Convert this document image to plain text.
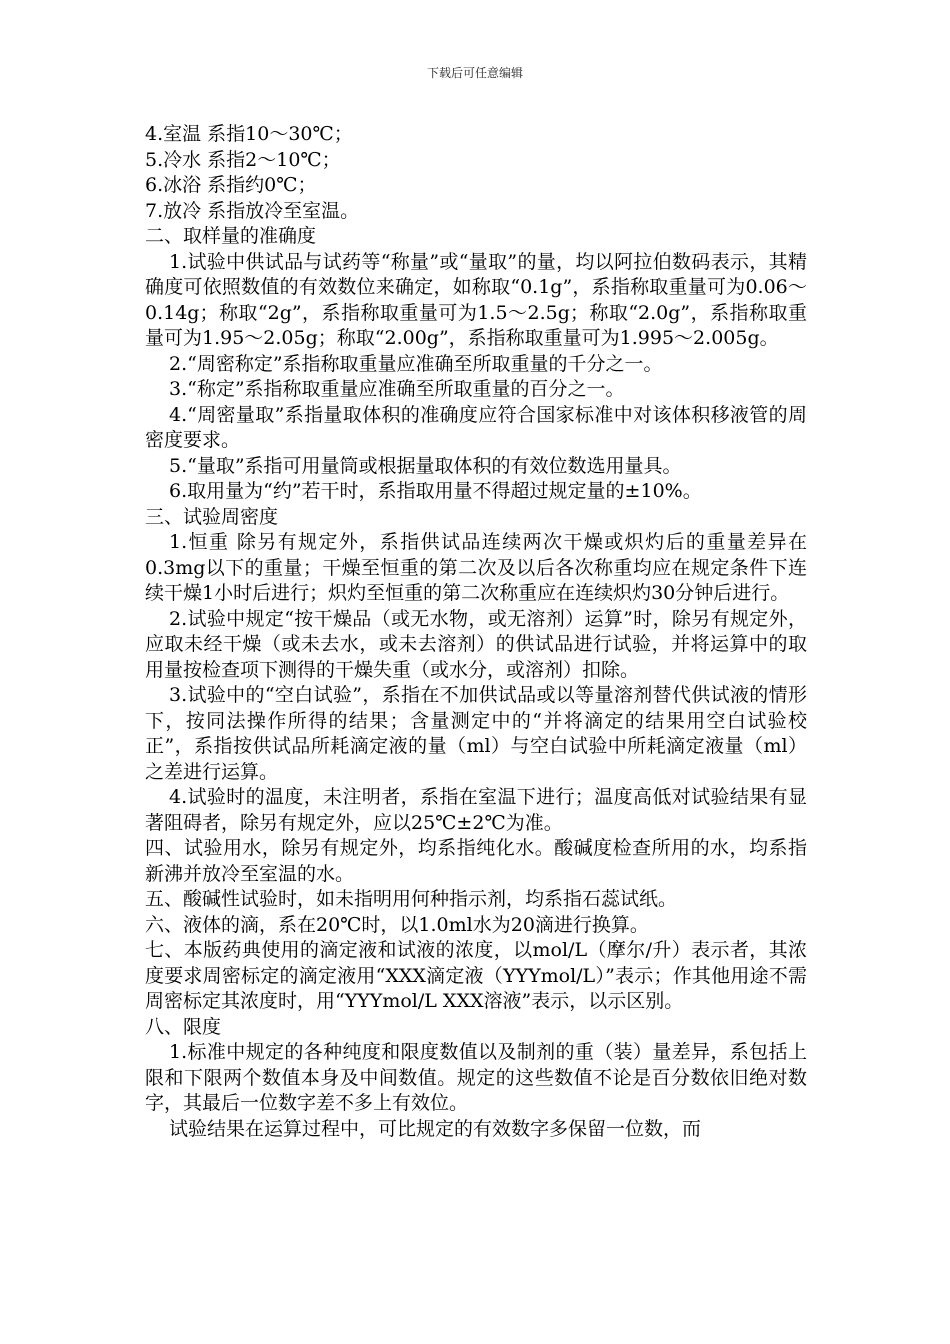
下载后可任意编辑

4.室温 系指10～30℃；

5.冷水 系指2～10℃；

6.冰浴 系指约0℃；

7.放冷 系指放冷至室温。

二、取样量的准确度

1.试验中供试品与试药等“称量”或“量取”的量，均以阿拉伯数码表示，其精确度可依照数值的有效数位来确定，如称取“0.1g”，系指称取重量可为0.06～0.14g；称取“2g”，系指称取重量可为1.5～2.5g；称取“2.0g”，系指称取重量可为1.95～2.05g；称取“2.00g”，系指称取重量可为1.995～2.005g。

2.“周密称定”系指称取重量应准确至所取重量的千分之一。

3.“称定”系指称取重量应准确至所取重量的百分之一。

4.“周密量取”系指量取体积的准确度应符合国家标准中对该体积移液管的周密度要求。

5.“量取”系指可用量筒或根据量取体积的有效位数选用量具。

6.取用量为“约”若干时，系指取用量不得超过规定量的±10%。

三、试验周密度

1.恒重 除另有规定外，系指供试品连续两次干燥或炽灼后的重量差异在0.3mg以下的重量；干燥至恒重的第二次及以后各次称重均应在规定条件下连续干燥1小时后进行；炽灼至恒重的第二次称重应在连续炽灼30分钟后进行。

2.试验中规定“按干燥品（或无水物，或无溶剂）运算”时，除另有规定外，应取未经干燥（或未去水，或未去溶剂）的供试品进行试验，并将运算中的取用量按检查项下测得的干燥失重（或水分，或溶剂）扣除。

3.试验中的“空白试验”，系指在不加供试品或以等量溶剂替代供试液的情形下，按同法操作所得的结果；含量测定中的“并将滴定的结果用空白试验校正”，系指按供试品所耗滴定液的量（ml）与空白试验中所耗滴定液量（ml）之差进行运算。

4.试验时的温度，未注明者，系指在室温下进行；温度高低对试验结果有显著阻碍者，除另有规定外，应以25℃±2℃为准。

四、试验用水，除另有规定外，均系指纯化水。酸碱度检查所用的水，均系指新沸并放冷至室温的水。

五、酸碱性试验时，如未指明用何种指示剂，均系指石蕊试纸。

六、液体的滴，系在20℃时，以1.0ml水为20滴进行换算。

七、本版药典使用的滴定液和试液的浓度，以mol/L（摩尔/升）表示者，其浓度要求周密标定的滴定液用“XXX滴定液（YYYmol/L）”表示；作其他用途不需周密标定其浓度时，用“YYYmol/L XXX溶液”表示，以示区别。

八、限度

1.标准中规定的各种纯度和限度数值以及制剂的重（装）量差异，系包括上限和下限两个数值本身及中间数值。规定的这些数值不论是百分数依旧绝对数字，其最后一位数字差不多上有效位。

试验结果在运算过程中，可比规定的有效数字多保留一位数，而
